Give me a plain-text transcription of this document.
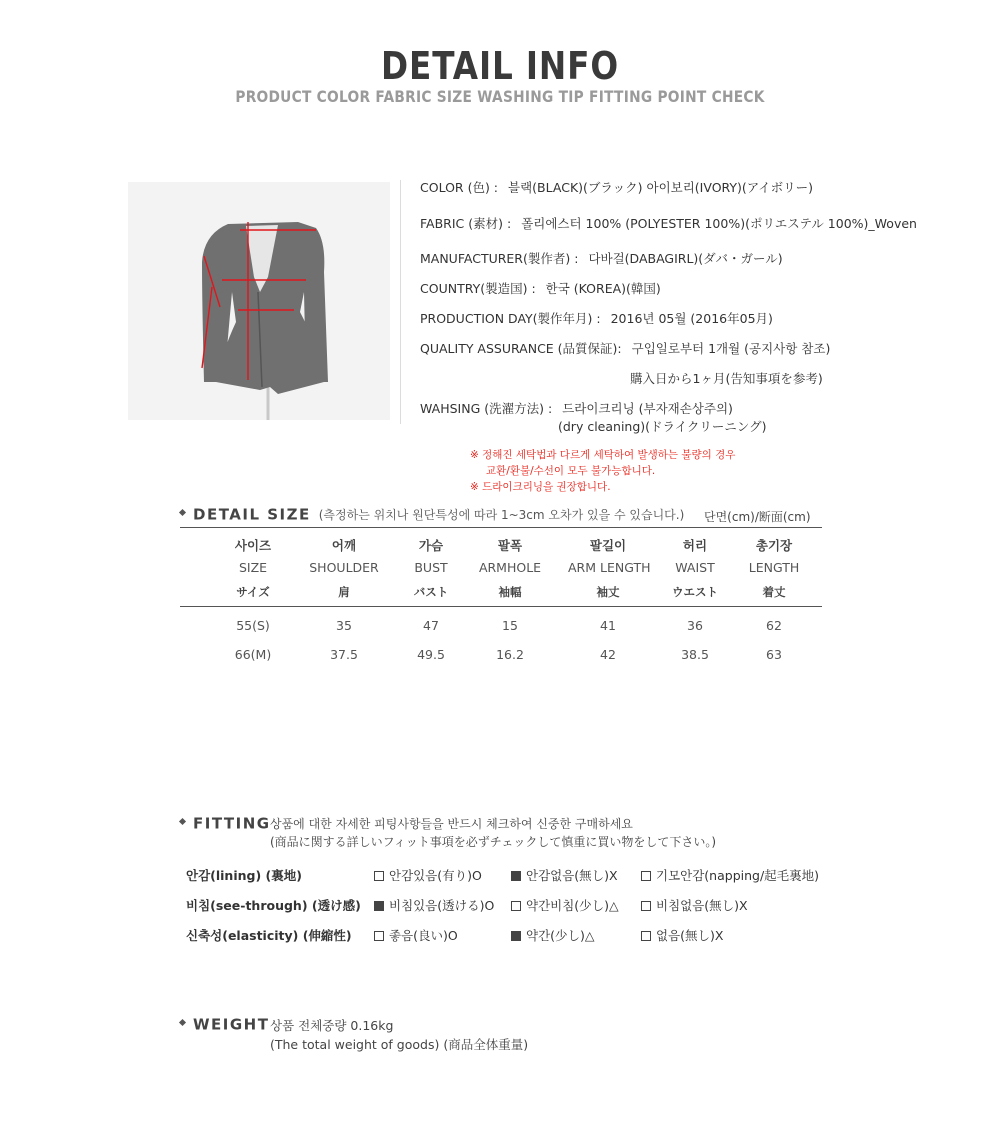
DETAIL INFO
PRODUCT COLOR FABRIC SIZE WASHING TIP FITTING POINT CHECK
COLOR (色) : 블랙(BLACK)(ブラック) 아이보리(IVORY)(アイボリー)
FABRIC (素材) : 폴리에스터 100% (POLYESTER 100%)(ポリエステル 100%)_Woven
MANUFACTURER(製作者) : 다바걸(DABAGIRL)(ダバ・ガール)
COUNTRY(製造国) : 한국 (KOREA)(韓国)
PRODUCTION DAY(製作年月) : 2016년 05월 (2016年05月)
QUALITY ASSURANCE (品質保証): 구입일로부터 1개월 (공지사항 참조)
購入日から1ヶ月(告知事項を参考)
WAHSING (洗濯方法) : 드라이크리닝 (부자재손상주의)
(dry cleaning)(ドライクリーニング)
※ 정해진 세탁법과 다르게 세탁하여 발생하는 불량의 경우
교환/환불/수선이 모두 불가능합니다.
※ 드라이크리닝을 권장합니다.
DETAIL SIZE (측정하는 위치나 원단특성에 따라 1~3cm 오차가 있을 수 있습니다.) 단면(cm)/断面(cm)
사이즈	어깨	가슴	팔폭	팔길이	허리	총기장
SIZE	SHOULDER	BUST	ARMHOLE	ARM LENGTH	WAIST	LENGTH
サイズ	肩	バスト	袖幅	袖丈	ウエスト	着丈
55(S)	35	47	15	41	36	62
66(M)	37.5	49.5	16.2	42	38.5	63
FITTING 상품에 대한 자세한 피팅사항들을 반드시 체크하여 신중한 구매하세요
(商品に関する詳しいフィット事項を必ずチェックして慎重に買い物をして下さい。)
안감(lining) (裏地)	안감있음(有り)O	안감없음(無し)X	기모안감(napping/起毛裏地)
비침(see-through) (透け感)	비침있음(透ける)O	약간비침(少し)△	비침없음(無し)X
신축성(elasticity) (伸縮性)	좋음(良い)O	약간(少し)△	없음(無し)X
WEIGHT 상품 전체중량 0.16kg
(The total weight of goods) (商品全体重量)
